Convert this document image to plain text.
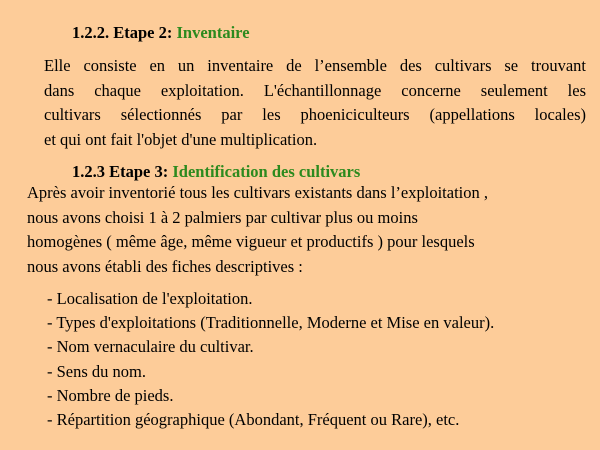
1.2.2. Etape 2: Inventaire
Elle consiste en un inventaire de l’ensemble des cultivars se trouvant
dans chaque exploitation. L'échantillonnage concerne seulement les
cultivars sélectionnés par les phoeniciculteurs (appellations locales)
et qui ont fait l'objet d'une multiplication.
1.2.3 Etape 3: Identification des cultivars
Après avoir inventorié tous les cultivars existants dans l’exploitation ,
nous avons choisi 1 à 2 palmiers par cultivar plus ou moins
homogènes ( même âge, même vigueur et productifs ) pour lesquels
nous avons établi des fiches descriptives :
- Localisation de l'exploitation.
- Types d'exploitations (Traditionnelle, Moderne et Mise en valeur).
- Nom vernaculaire du cultivar.
- Sens du nom.
- Nombre de pieds.
- Répartition géographique (Abondant, Fréquent ou Rare), etc.
